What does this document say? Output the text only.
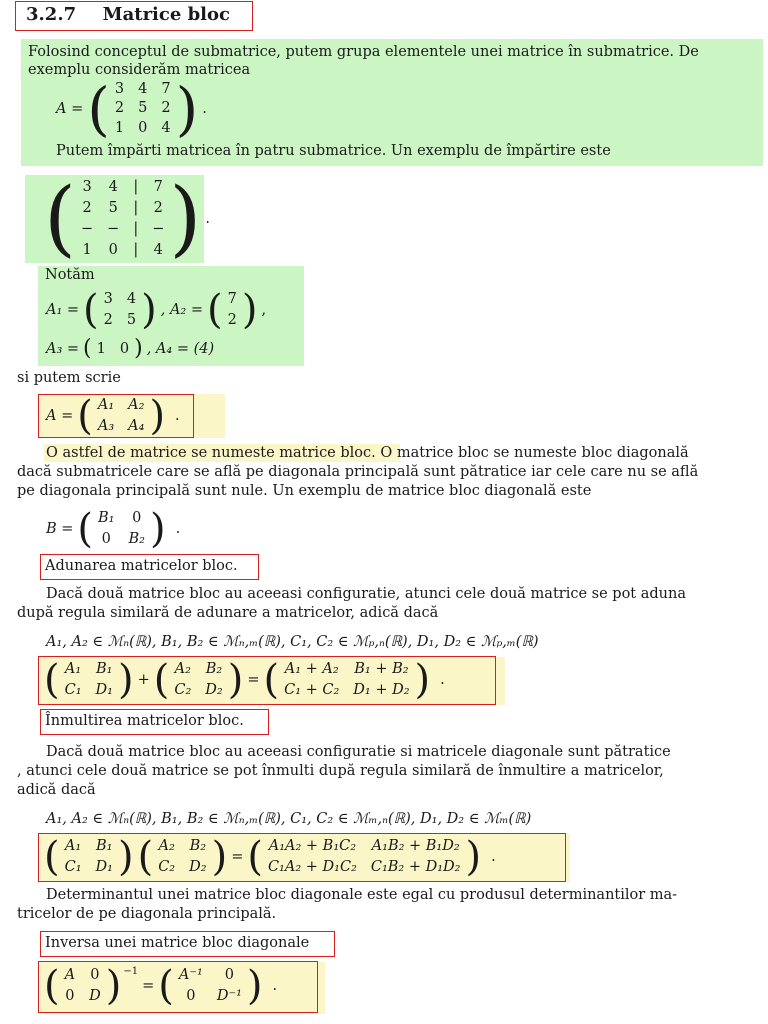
3.2.7 Matrice bloc
Folosind conceptul de submatrice, putem grupa elementele unei matrice în submatrice. De
exemplu considerăm matricea
A = ( 3 4 7
2 5 2
1 0 4 ) .
Putem împărti matricea în patru submatrice. Un exemplu de împărtire este
( 3 4 | 7
2 5 | 2
− − | −
1 0 | 4 ) .
Notăm
A₁ = ( 3 4
2 5 ) , A₂ = ( 7
2 ) ,
A₃ = ( 1 0 ) , A₄ = (4)
si putem scrie
A = ( A₁ A₂
A₃ A₄ ) .
O astfel de matrice se numeste matrice bloc. O matrice bloc se numeste bloc diagonală
dacă submatricele care se află pe diagonala principală sunt pătratice iar cele care nu se află
pe diagonala principală sunt nule. Un exemplu de matrice bloc diagonală este
B = ( B₁ 0
0 B₂ ) .
Adunarea matricelor bloc.
Dacă două matrice bloc au aceeasi configuratie, atunci cele două matrice se pot aduna
după regula similară de adunare a matricelor, adică dacă
A₁, A₂ ∈ ℳₙ(ℝ), B₁, B₂ ∈ ℳₙ,ₘ(ℝ), C₁, C₂ ∈ ℳₚ,ₙ(ℝ), D₁, D₂ ∈ ℳₚ,ₘ(ℝ)
( A₁ B₁
C₁ D₁ ) + ( A₂ B₂
C₂ D₂ ) = ( A₁ + A₂ B₁ + B₂
C₁ + C₂ D₁ + D₂ ) .
Înmultirea matricelor bloc.
Dacă două matrice bloc au aceeasi configuratie si matricele diagonale sunt pătratice
, atunci cele două matrice se pot înmulti după regula similară de înmultire a matricelor,
adică dacă
A₁, A₂ ∈ ℳₙ(ℝ), B₁, B₂ ∈ ℳₙ,ₘ(ℝ), C₁, C₂ ∈ ℳₘ,ₙ(ℝ), D₁, D₂ ∈ ℳₘ(ℝ)
( A₁ B₁
C₁ D₁ ) ( A₂ B₂
C₂ D₂ ) = ( A₁A₂ + B₁C₂ A₁B₂ + B₁D₂
C₁A₂ + D₁C₂ C₁B₂ + D₁D₂ ) .
Determinantul unei matrice bloc diagonale este egal cu produsul determinantilor ma-
tricelor de pe diagonala principală.
Inversa unei matrice bloc diagonale
( A 0
0 D )$^{-1}$
= ( A⁻¹ 0
0 D⁻¹ ) .
